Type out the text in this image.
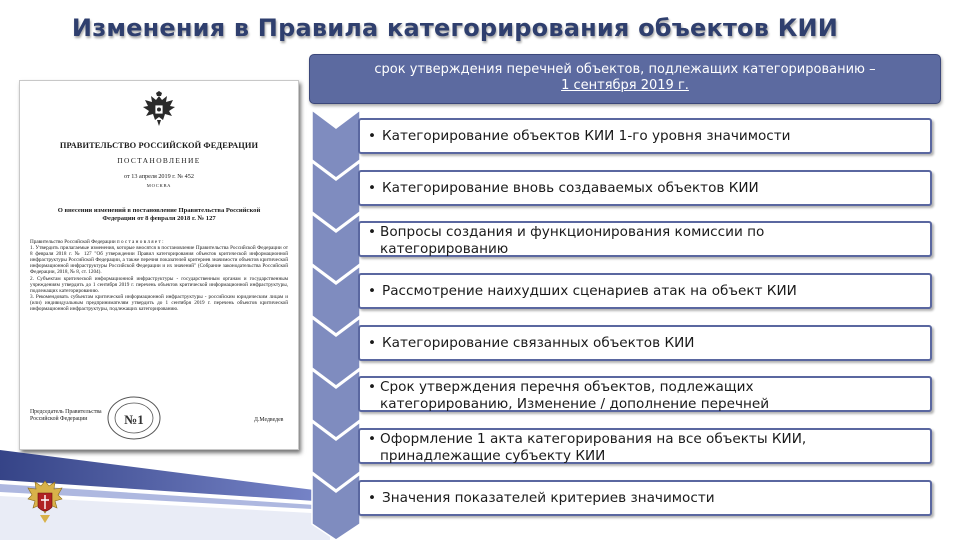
Изменения в Правила категорирования объектов КИИ
ПРАВИТЕЛЬСТВО РОССИЙСКОЙ ФЕДЕРАЦИИ
ПОСТАНОВЛЕНИЕ
от 13 апреля 2019 г. № 452
МОСКВА
О внесении изменений в постановление Правительства Российской Федерации от 8 февраля 2018 г. № 127
Правительство Российской Федерации п о с т а н о в л я е т :
1. Утвердить прилагаемые изменения, которые вносятся в постановление Правительства Российской Федерации от 8 февраля 2018 г. № 127 "Об утверждении Правил категорирования объектов критической информационной инфраструктуры Российской Федерации, а также перечня показателей критериев значимости объектов критической информационной инфраструктуры Российской Федерации и их значений" (Собрание законодательства Российской Федерации, 2018, № 8, ст. 1204).
2. Субъектам критической информационной инфраструктуры - государственным органам и государственным учреждениям утвердить до 1 сентября 2019 г. перечень объектов критической информационной инфраструктуры, подлежащих категорированию.
3. Рекомендовать субъектам критической информационной инфраструктуры - российским юридическим лицам и (или) индивидуальным предпринимателям утвердить до 1 сентября 2019 г. перечень объектов критической информационной инфраструктуры, подлежащих категорированию.
№1
Председатель Правительства
Российской Федерации	Д.Медведев
срок утверждения перечней объектов, подлежащих категорированию –
1 сентября 2019 г.
• Категорирование объектов КИИ 1-го уровня значимости
• Категорирование вновь создаваемых объектов КИИ
• Вопросы создания и функционирования комиссии по
категорированию
• Рассмотрение наихудших сценариев атак на объект КИИ
• Категорирование связанных объектов КИИ
• Срок утверждения перечня объектов, подлежащих
категорированию, Изменение / дополнение перечней
• Оформление 1 акта категорирования на все объекты КИИ,
принадлежащие субъекту КИИ
• Значения показателей критериев значимости
